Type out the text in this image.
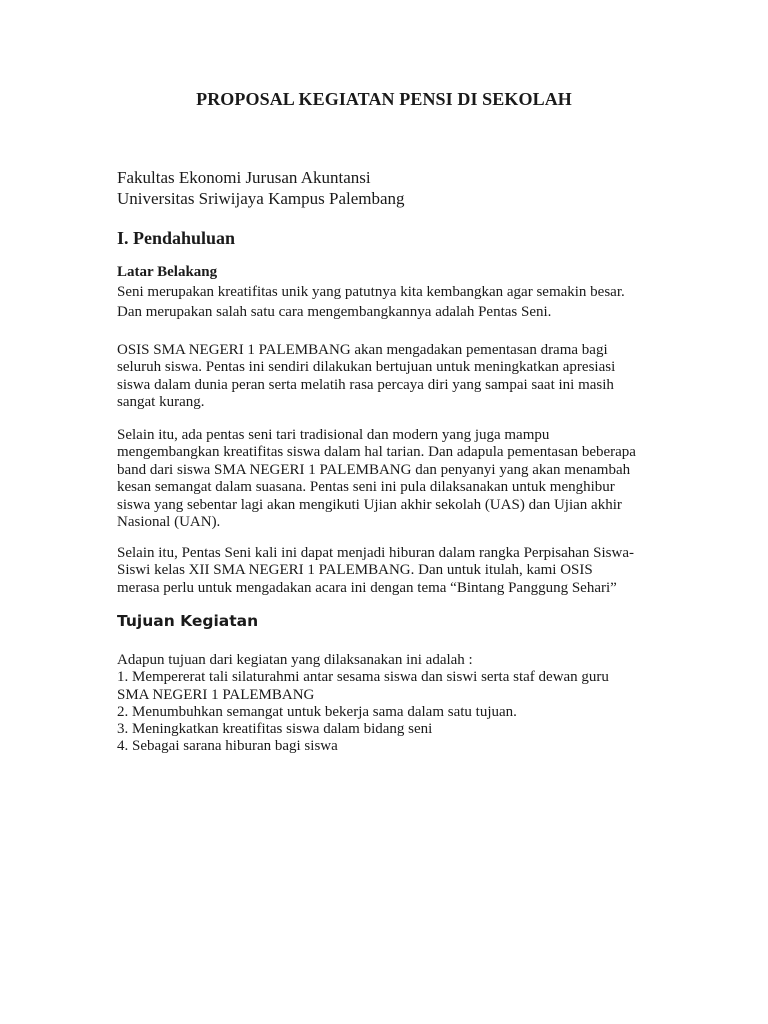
PROPOSAL KEGIATAN PENSI DI SEKOLAH
Fakultas Ekonomi Jurusan Akuntansi
Universitas Sriwijaya Kampus Palembang
I. Pendahuluan
Latar Belakang
Seni merupakan kreatifitas unik yang patutnya kita kembangkan agar semakin besar.
Dan merupakan salah satu cara mengembangkannya adalah Pentas Seni.
OSIS SMA NEGERI 1 PALEMBANG akan mengadakan pementasan drama bagi
seluruh siswa. Pentas ini sendiri dilakukan bertujuan untuk meningkatkan apresiasi
siswa dalam dunia peran serta melatih rasa percaya diri yang sampai saat ini masih
sangat kurang.
Selain itu, ada pentas seni tari tradisional dan modern yang juga mampu
mengembangkan kreatifitas siswa dalam hal tarian. Dan adapula pementasan beberapa
band dari siswa SMA NEGERI 1 PALEMBANG dan penyanyi yang akan menambah
kesan semangat dalam suasana. Pentas seni ini pula dilaksanakan untuk menghibur
siswa yang sebentar lagi akan mengikuti Ujian akhir sekolah (UAS) dan Ujian akhir
Nasional (UAN).
Selain itu, Pentas Seni kali ini dapat menjadi hiburan dalam rangka Perpisahan Siswa-
Siswi kelas XII SMA NEGERI 1 PALEMBANG. Dan untuk itulah, kami OSIS
merasa perlu untuk mengadakan acara ini dengan tema “Bintang Panggung Sehari”
Tujuan Kegiatan
Adapun tujuan dari kegiatan yang dilaksanakan ini adalah :
1. Mempererat tali silaturahmi antar sesama siswa dan siswi serta staf dewan guru
SMA NEGERI 1 PALEMBANG
2. Menumbuhkan semangat untuk bekerja sama dalam satu tujuan.
3. Meningkatkan kreatifitas siswa dalam bidang seni
4. Sebagai sarana hiburan bagi siswa
